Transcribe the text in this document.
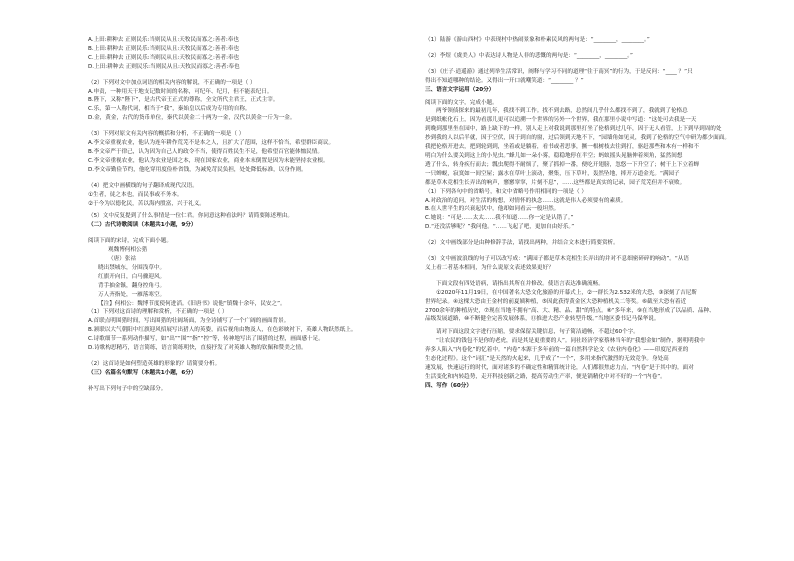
A.上田:耕种去 正则民乐:当则民从且:天牧民而寡之:善者:奉也

B.上田:耕种去 正则民乐:当则民从且:天牧民而寡之:善者:奉也

C.上田:耕种去 正则民乐:当则民从且:天牧民而寡之:善者:奉也

D.上田:耕种去 正则民乐:当则民从且:天牧民而寡之:善者:奉也

（2）下列对文中加点词语的相关内容的解说，不正确的一项是（ ）

A.申责，一种用天干地支记数时间的名称，可纪年、纪月，但不能表纪日。

B.陛下，又称“陛下”，是古代帝王正式的尊称，全文所代主君王，正式主宰。

C.乐，第一人称代词，相当于“我”，秦始皇以后成为专用的自称。

D.金，黄金，古代的货币单位，秦代以黄金二十两为一金，汉代以黄金一斤为一金。

（3）下列对原文有关内容的概括和分析，不正确的一项是（ ）

A.李文帝重视农业，他认为连年耕作荒芜不是本之人，且扩大了范围，这样不恰当，希望群臣商议。

B.李文帝严于律己，认为因为自己人的政令不当，使得百姓民生不足，他希望百官能体恤民情。

C.李文帝重视农业，他认为农业是国之本，现在国家农业，商业本末倒置是因为未能坚持农业根。

D.李文帝勤俭节约，他吃穿用度俭朴省钱，为减免苛民负担，处处降低标准，以身作则。

（4）把文中画横线的句子翻译成现代汉语。

①生者，徒之本也，而民事或不务本。

②于今为以德化民，苦以海内殷富，兴于礼义。

（5）文中反复提到了什么事情是一位仁君。你同意这种看法吗？请简要陈述理由。

（二）古代诗歌阅读（本题共1小题，9分）

阅读下面的宋诗，完成下面小题。

观魏博何相公猎

（唐）张祜

晓出禁城东，分围浅草中。

红旗开向日，白马骤迎风。

背手抽金镞，翻身控角弓。

万人齐指处，一雁落寒空。

【注】何相公：魏博节度使何进滔。《旧唐书》说他“镇魏十余年，民安之”。

（1）下列对这首诗的理解和赏析，不正确的一项是（ ）

A.首联点明围猎时间，写出围猎的壮阔场面，为全诗铺写了一个广阔的画面背景。

B.颔联以大气朝阳中红旗迎风招展写出猎人的英姿，而后视角由物及人，在色彩映衬下，英雄人物跃然纸上。

C.诗歌细节一系列动作描写，如“出”“围”“指”“控”等，传神地写出了围猎的过程，画面感十足。

D.诗歌构思精巧，语言简练，语言简练明快，直接抒发了对英雄人物的钦佩和赞美之情。

（2）这首诗是如何塑造英雄的形象的？请简要分析。

（三）名篇名句默写（本题共1小题，6分）

补写出下列句子中的空缺部分。

（1）陆游《游山西村》中表现村中热闹景象和朴素民风的两句是：“________，________。”

（2）李煜《虞美人》中表达诗人物是人非的悲慨的两句是：“________，________。”

（3）《庄子·逍遥游》通过列举生活常识，阐释与学习不同的道理“往于南冥”的行为，于是反问：“____ ？”只

得出不知道哪种的结论。又得出一开口就嘲笑道：“________ ？”

三、语言文字运用（20分）

阅读下面的文字，完成小题。

两爷领侦探来的最初几年，我找不到工作。找不到去路，总然间几乎什么都找不到了，我就到了伦格总

是到纸帐化石上，因为看那儿更可以追溯一个世界的另外一个世界，我在那里小说中写道：“这处可去我是一天

到晚到那里坐在园中，路上缺下的一样，别人走上对我说到那里打坐了伦格到过几年，因于无人看管，上下到早到周的处

抄到我的人以后半就，因于空伏，因于到自的窗，过后领到天地不下，“园墙角如见灵，我到了伦格的空气中研为都少面面。

我把伦格开进去，把到轮到到，坐着或是躺着，看书或者思事，撅一根树枝去往到打，驱赶那些和木有一样和不

明白为什么要关到这上的小见虫。”蜂儿如一朵小雾，稳稳地停在半空；蚂蚁摇头晃脑伸着须角，猛然间想

透了什么，转身疾行而去；瓢虫爬得不耐烦了，聚了抓掉一番，便吃开翅膀，忽悠一下升空了；树干上下立着蝉

一只蝉蜕，寂寞如一间空屋；露水在草叶上滚动，聚集，压下草叶，轰然坠地，摔开万道金光。“满园子

都是草木竞相生长弄出的响声，窸窸窣窣，片刻不息”，……这些都是真实的记录，园子荒芜但并不衰败。

（1）下列各句中的省略号，和文中省略号作用相同的一项是（ ）

A.对政治的追问，对生活的构想，对情怀的执念……这就是伟人必须要有的素质。

B.在人世平生的兴衰起伏中，他却如同看云一般坦然。

C.她说：“可是……太太……我不知道……你一定是认错了。”

D.“还没活够呢？”我问他。“……飞起了吧，更加自由好乐。”

（2）文中画线部分是由种修辞手法，请找出两种，并结合文本进行简要赏析。

（3）文中画波浪线的句子可以改写成：“满园子都是草木竞相生长弄出的并对不息细密碎碎的响动”。“从语

义上看二者基本相同，为什么说原文表述效果更好？

下面文段有四处语病，请指出其所在并修改。使语言表达准确流畅。

①2020年11月19日，在中国著名大恐文化旅游的开幕式上，②一群长为2.532米的大恐，③深刻了吉尼斯

世界纪录。④这棵大恐由王金村的前夏姨种植，⑤因此获得黄金区大恐种植机关二等奖。⑥截至大恐有着近

2700余年的种植历史，⑦现在当地不拥有“高、大、精、品、甜”的特点。⑧“多年来，⑨在当地形成了以品质、品种、

品级发展道路，⑩不断健全完善发展体系，⑪推进大恐产业转型升级。”当地区委书记马保华说。

请对下面这段文字进行压缩，要求保留关键信息，句子简洁通畅，不超过60个字。

“让农民的钱包不是你的老虎，而是其是更重要的人”。同社经济学家蔡林当年的“我想金如”制作，据明明我中

奔多人陷入“内卷化”的忆着中。“内卷”本源于多年前的一篇自然科学论文《农业内卷化》——印度尼西亚的

生态化过程》。这个“词汇”是天然的火起来，几乎成了“一个”，多用来指代激烈的无效竞争。身处高

速发展，快速运行的时代，面对诸多的不确定性和精算统计论，人们都很焦虑力点，“内卷”是于其中的。面对

生活变化和内转趋势，走开科技创新之路，提高劳动生产率，便是锅精化中对不好的一个“内卷”。

四、写作（60分）
